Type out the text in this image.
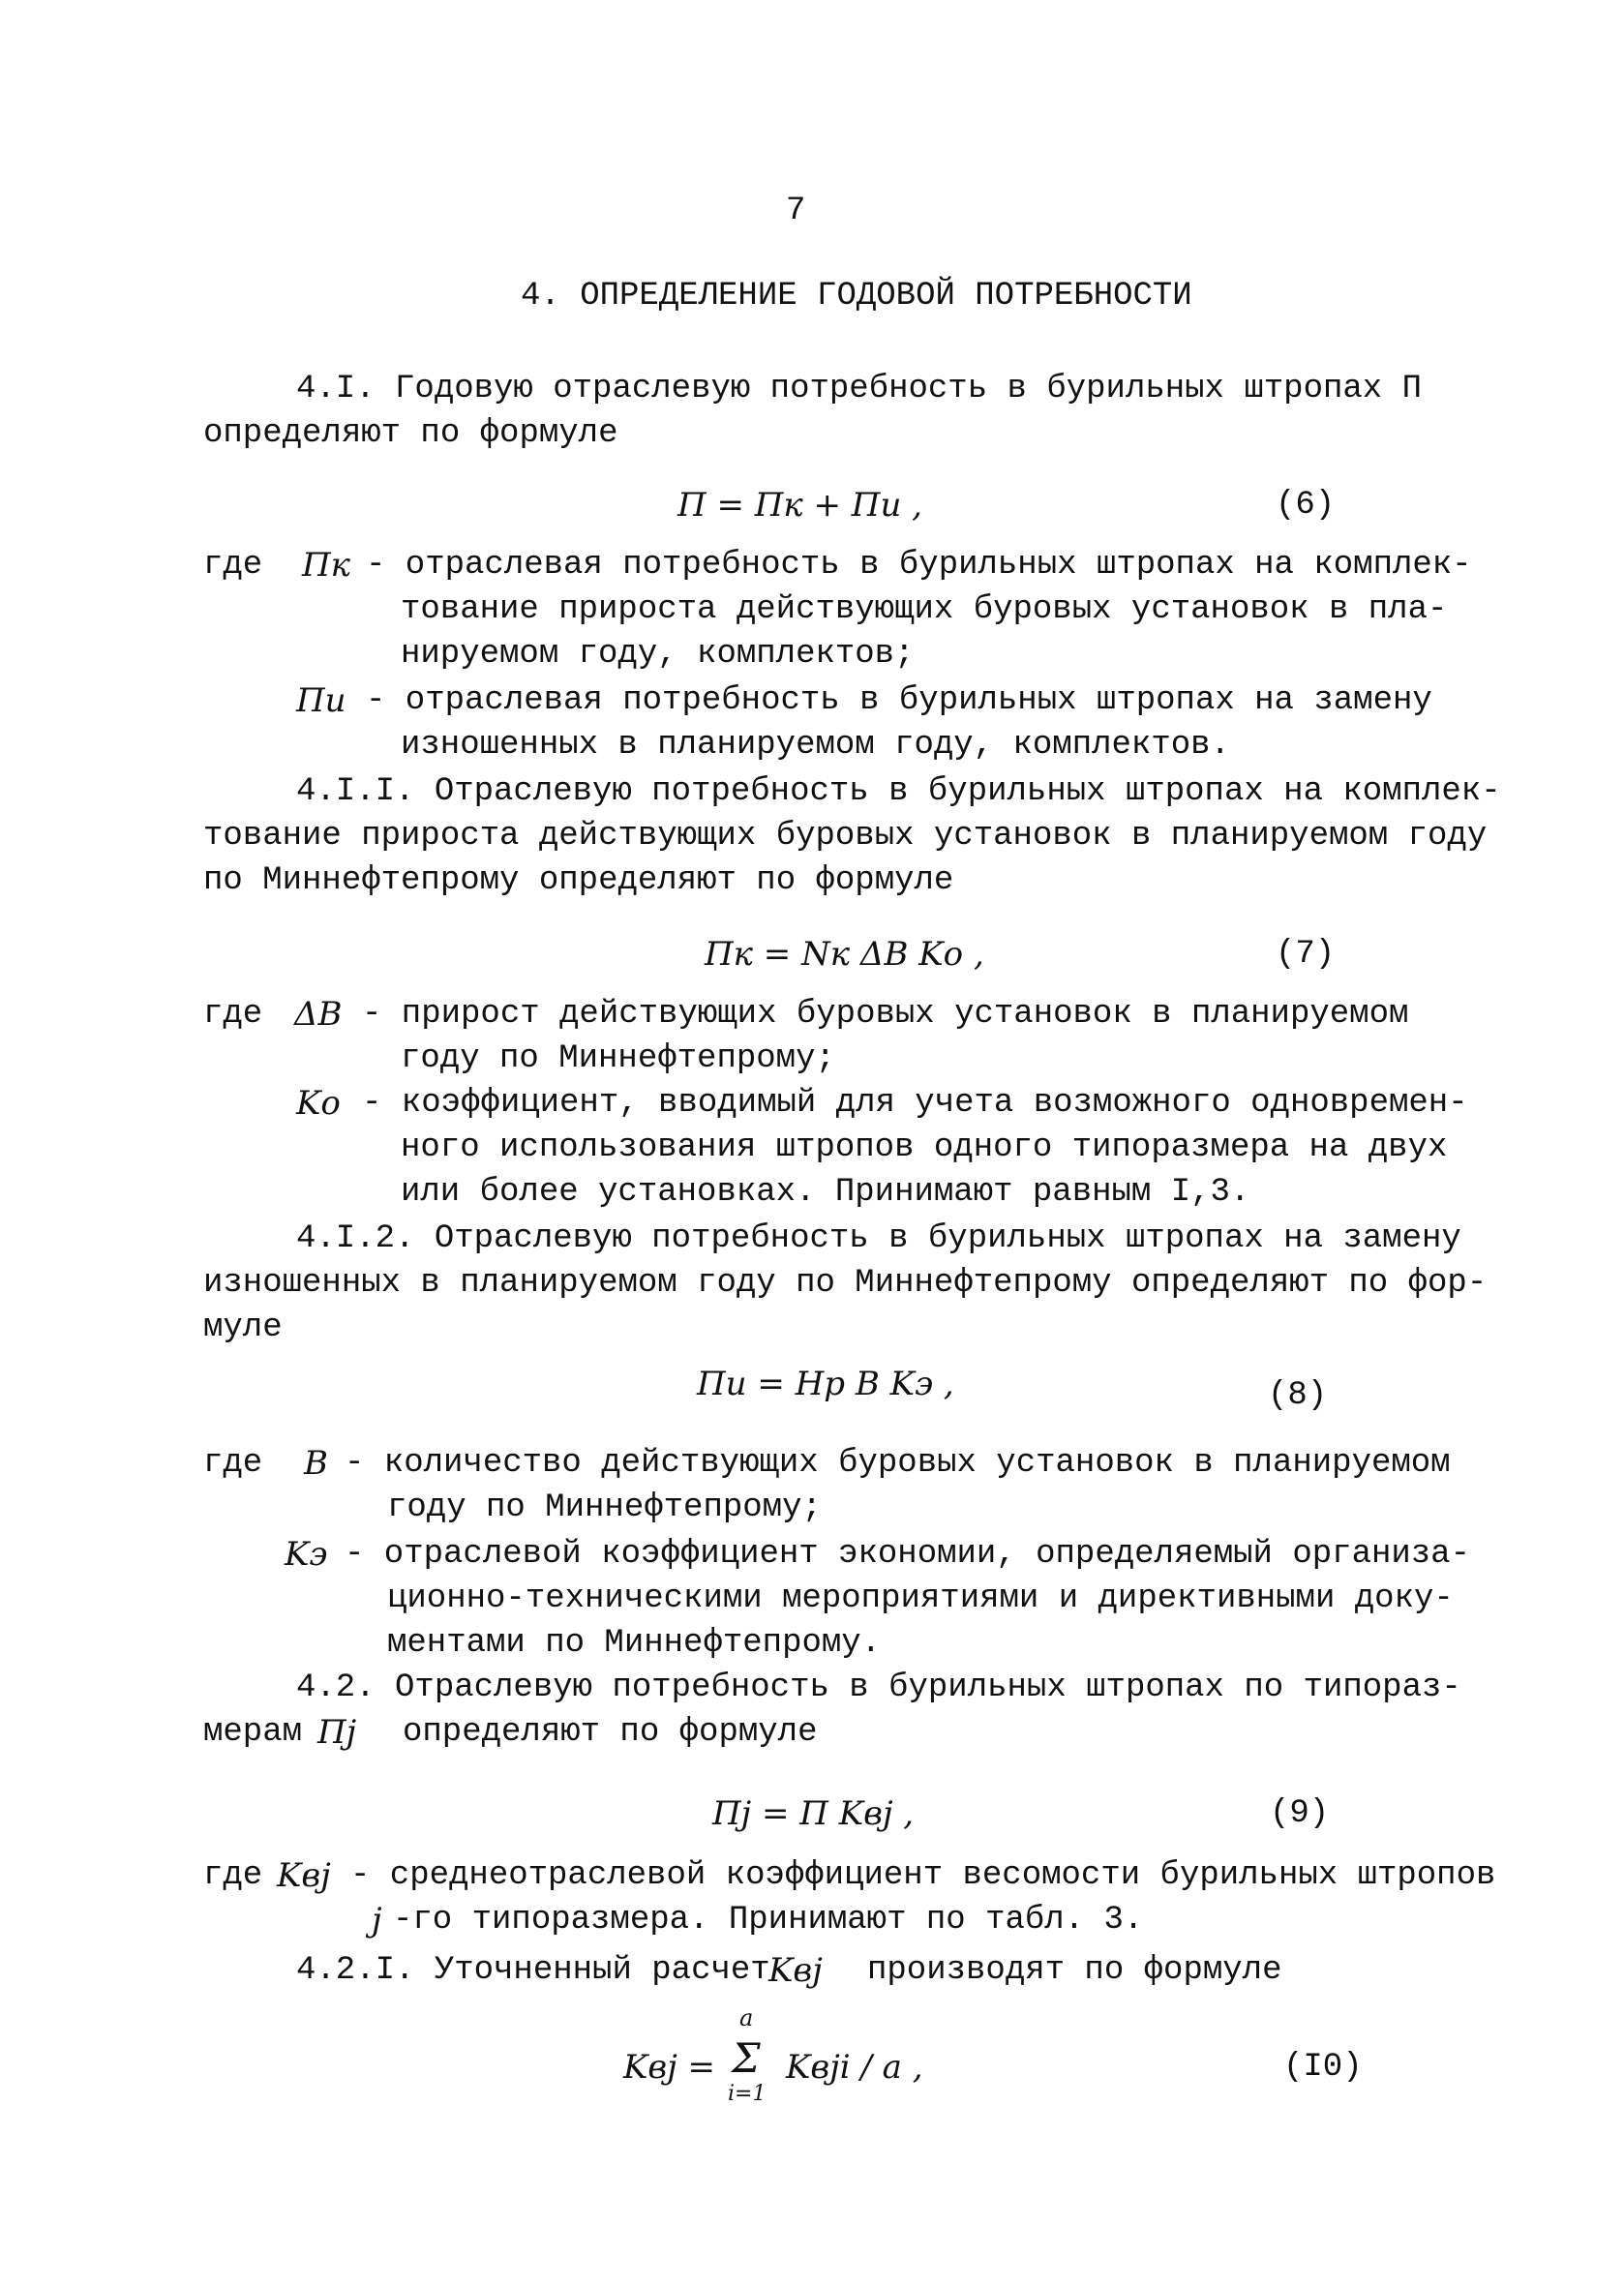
7
4. ОПРЕДЕЛЕНИЕ ГОДОВОЙ ПОТРЕБНОСТИ
4.I. Годовую отраслевую потребность в бурильных штропах П
определяют по формуле
П = Пк + Пи ,	(6)
где Пк - отраслевая потребность в бурильных штропах на комплек-
тование прироста действующих буровых установок в пла-
нируемом году, комплектов;
Пи - отраслевая потребность в бурильных штропах на замену
изношенных в планируемом году, комплектов.
4.I.I. Отраслевую потребность в бурильных штропах на комплек-
тование прироста действующих буровых установок в планируемом году
по Миннефтепрому определяют по формуле
Пк = Nк ΔB Kо ,	(7)
где ΔB - прирост действующих буровых установок в планируемом
году по Миннефтепрому;
Kо - коэффициент, вводимый для учета возможного одновремен-
ного использования штропов одного типоразмера на двух
или более установках. Принимают равным I,3.
4.I.2. Отраслевую потребность в бурильных штропах на замену
изношенных в планируемом году по Миннефтепрому определяют по фор-
муле
Пи = Hр B Kэ ,	(8)
где B - количество действующих буровых установок в планируемом
году по Миннефтепрому;
Kэ - отраслевой коэффициент экономии, определяемый организа-
ционно-техническими мероприятиями и директивными доку-
ментами по Миннефтепрому.
4.2. Отраслевую потребность в бурильных штропах по типораз-
мерам Пj определяют по формуле
Пj = П Kвj ,	(9)
где Kвj - среднеотраслевой коэффициент весомости бурильных штропов
j -го типоразмера. Принимают по табл. 3.
4.2.I. Уточненный расчет
Kвj производят по формуле
Kвj =
a
Σ
i=1
Kвji / a ,	(I0)
